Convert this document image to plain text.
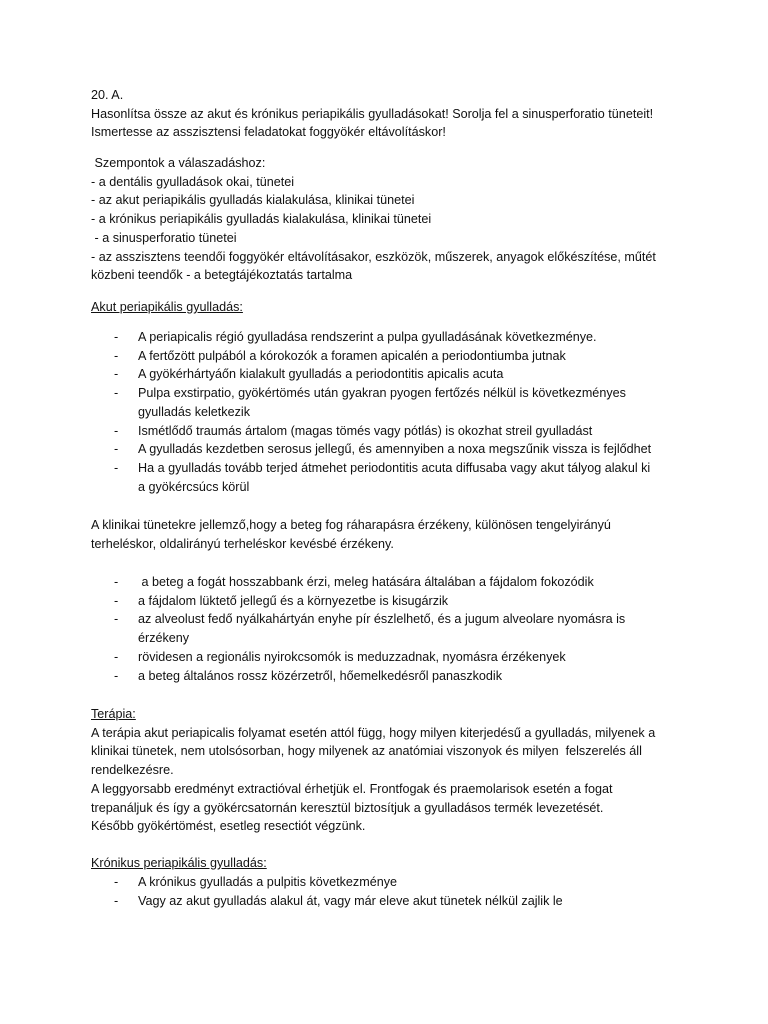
20. A.
Hasonlítsa össze az akut és krónikus periapikális gyulladásokat! Sorolja fel a sinusperforatio tüneteit!
Ismertesse az asszisztensi feladatokat foggyökér eltávolításkor!
Szempontok a válaszadáshoz:
- a dentális gyulladások okai, tünetei
- az akut periapikális gyulladás kialakulása, klinikai tünetei
- a krónikus periapikális gyulladás kialakulása, klinikai tünetei
- a sinusperforatio tünetei
- az asszisztens teendői foggyökér eltávolításakor, eszközök, műszerek, anyagok előkészítése, műtét
közbeni teendők - a betegtájékoztatás tartalma
Akut periapikális gyulladás:
- A periapicalis régió gyulladása rendszerint a pulpa gyulladásának következménye.
- A fertőzött pulpából a kórokozók a foramen apicalén a periodontiumba jutnak
- A gyökérhártyáőn kialakult gyulladás a periodontitis apicalis acuta
- Pulpa exstirpatio, gyökértömés után gyakran pyogen fertőzés nélkül is következményes
gyulladás keletkezik
- Ismétlődő traumás ártalom (magas tömés vagy pótlás) is okozhat streil gyulladást
- A gyulladás kezdetben serosus jellegű, és amennyiben a noxa megszűnik vissza is fejlődhet
- Ha a gyulladás tovább terjed átmehet periodontitis acuta diffusaba vagy akut tályog alakul ki
a gyökércsúcs körül
A klinikai tünetekre jellemző,hogy a beteg fog ráharapásra érzékeny, különösen tengelyirányú
terheléskor, oldalirányú terheléskor kevésbé érzékeny.
- a beteg a fogát hosszabbank érzi, meleg hatására általában a fájdalom fokozódik
- a fájdalom lüktető jellegű és a környezetbe is kisugárzik
- az alveolust fedő nyálkahártyán enyhe pír észlelhető, és a jugum alveolare nyomásra is
érzékeny
- rövidesen a regionális nyirokcsomók is meduzzadnak, nyomásra érzékenyek
- a beteg általános rossz közérzetről, hőemelkedésről panaszkodik
Terápia:
A terápia akut periapicalis folyamat esetén attól függ, hogy milyen kiterjedésű a gyulladás, milyenek a
klinikai tünetek, nem utolsósorban, hogy milyenek az anatómiai viszonyok és milyen  felszerelés áll
rendelkezésre.
A leggyorsabb eredményt extractióval érhetjük el. Frontfogak és praemolarisok esetén a fogat
trepanáljuk és így a gyökércsatornán keresztül biztosítjuk a gyulladásos termék levezetését.
Később gyökértömést, esetleg resectiót végzünk.
Krónikus periapikális gyulladás:
- A krónikus gyulladás a pulpitis következménye
- Vagy az akut gyulladás alakul át, vagy már eleve akut tünetek nélkül zajlik le
